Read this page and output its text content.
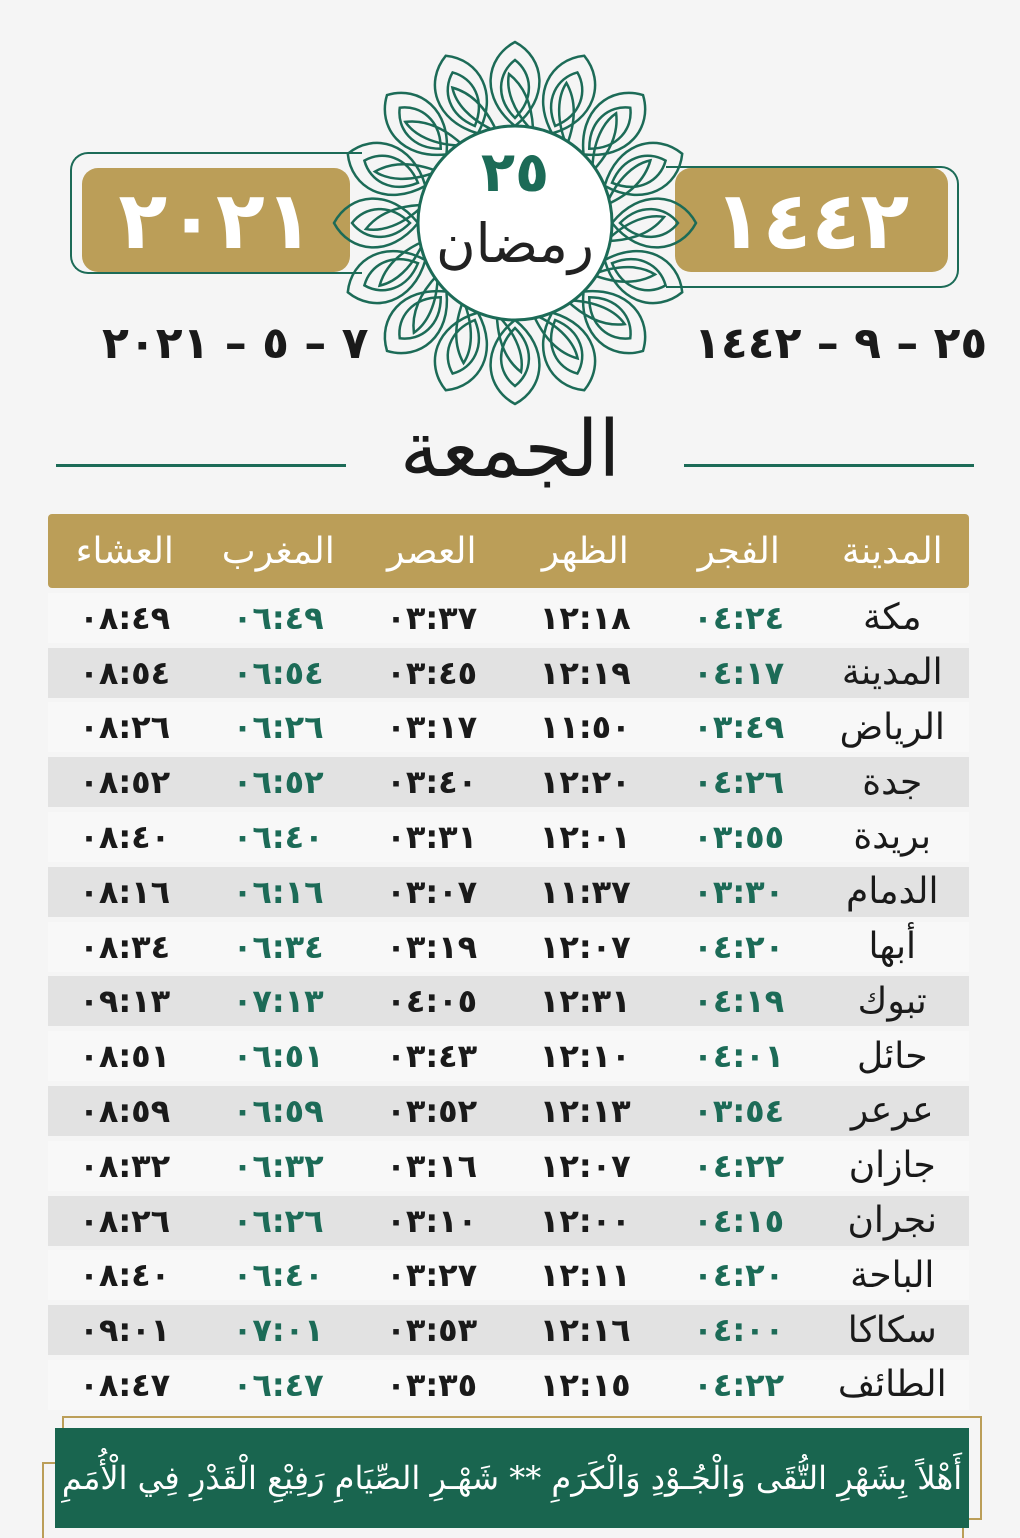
٢٠٢١	١٤٤٢
٢٥
رمضان
٧ – ٥ – ٢٠٢١	٢٥ – ٩ – ١٤٤٢
الجمعة
المدينة
الفجر
الظهر
العصر
المغرب
العشاء
مكة
٠٤:٢٤
١٢:١٨
٠٣:٣٧
٠٦:٤٩
٠٨:٤٩
المدينة
٠٤:١٧
١٢:١٩
٠٣:٤٥
٠٦:٥٤
٠٨:٥٤
الرياض
٠٣:٤٩
١١:٥٠
٠٣:١٧
٠٦:٢٦
٠٨:٢٦
جدة
٠٤:٢٦
١٢:٢٠
٠٣:٤٠
٠٦:٥٢
٠٨:٥٢
بريدة
٠٣:٥٥
١٢:٠١
٠٣:٣١
٠٦:٤٠
٠٨:٤٠
الدمام
٠٣:٣٠
١١:٣٧
٠٣:٠٧
٠٦:١٦
٠٨:١٦
أبها
٠٤:٢٠
١٢:٠٧
٠٣:١٩
٠٦:٣٤
٠٨:٣٤
تبوك
٠٤:١٩
١٢:٣١
٠٤:٠٥
٠٧:١٣
٠٩:١٣
حائل
٠٤:٠١
١٢:١٠
٠٣:٤٣
٠٦:٥١
٠٨:٥١
عرعر
٠٣:٥٤
١٢:١٣
٠٣:٥٢
٠٦:٥٩
٠٨:٥٩
جازان
٠٤:٢٢
١٢:٠٧
٠٣:١٦
٠٦:٣٢
٠٨:٣٢
نجران
٠٤:١٥
١٢:٠٠
٠٣:١٠
٠٦:٢٦
٠٨:٢٦
الباحة
٠٤:٢٠
١٢:١١
٠٣:٢٧
٠٦:٤٠
٠٨:٤٠
سكاكا
٠٤:٠٠
١٢:١٦
٠٣:٥٣
٠٧:٠١
٠٩:٠١
الطائف
٠٤:٢٢
١٢:١٥
٠٣:٣٥
٠٦:٤٧
٠٨:٤٧
أَهْلاً بِشَهْرِ التُّقَى وَالْجُـوْدِ وَالْكَرَمِ ** شَهْـرِ الصِّيَامِ رَفِيْعِ الْقَدْرِ فِي الْأُمَمِ
